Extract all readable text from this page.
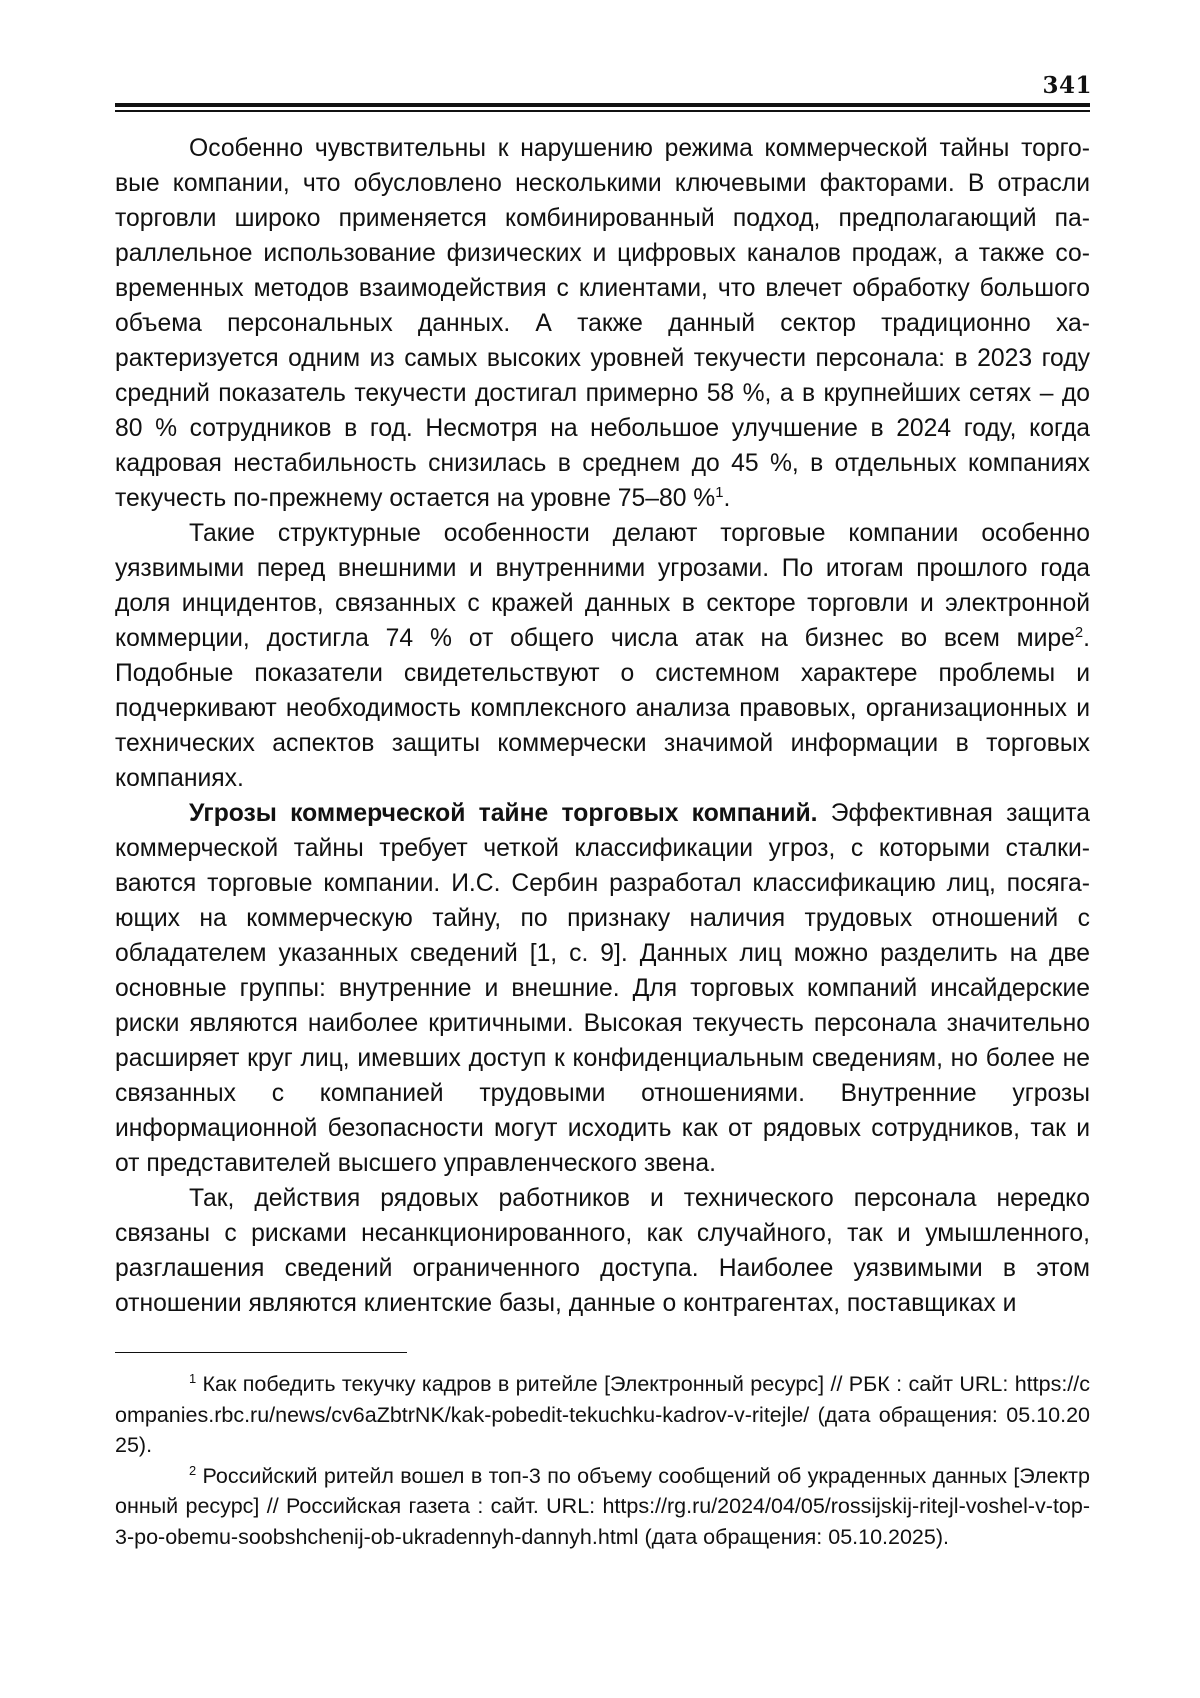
341

Особенно чувствительны к нарушению режима коммерческой тайны торговые компании, что обусловлено несколькими ключевыми факторами. В отрасли торговли широко применяется комбинированный подход, предполагающий параллельное использование физических и цифровых каналов продаж, а также современных методов взаимодействия с клиентами, что влечет обработку большого объема персональных данных. А также данный сектор традиционно характеризуется одним из самых высоких уровней текучести персонала: в 2023 году средний показатель текучести достигал примерно 58 %, а в крупнейших сетях – до 80 % сотрудников в год. Несмотря на небольшое улучшение в 2024 году, когда кадровая нестабильность снизилась в среднем до 45 %, в отдельных компаниях текучесть по-прежнему остается на уровне 75–80 %$^1$.

Такие структурные особенности делают торговые компании особенно уязвимыми перед внешними и внутренними угрозами. По итогам прошлого года доля инцидентов, связанных с кражей данных в секторе торговли и электронной коммерции, достигла 74 % от общего числа атак на бизнес во всем мире$^2$. Подобные показатели свидетельствуют о системном характере проблемы и подчеркивают необходимость комплексного анализа правовых, организационных и технических аспектов защиты коммерчески значимой информации в торговых компаниях.

Угрозы коммерческой тайне торговых компаний. Эффективная защита коммерческой тайны требует четкой классификации угроз, с которыми сталкиваются торговые компании. И.С. Сербин разработал классификацию лиц, посягающих на коммерческую тайну, по признаку наличия трудовых отношений с обладателем указанных сведений [1, с. 9]. Данных лиц можно разделить на две основные группы: внутренние и внешние. Для торговых компаний инсайдерские риски являются наиболее критичными. Высокая текучесть персонала значительно расширяет круг лиц, имевших доступ к конфиденциальным сведениям, но более не связанных с компанией трудовыми отношениями. Внутренние угрозы информационной безопасности могут исходить как от рядовых сотрудников, так и от представителей высшего управленческого звена.

Так, действия рядовых работников и технического персонала нередко связаны с рисками несанкционированного, как случайного, так и умышленного, разглашения сведений ограниченного доступа. Наиболее уязвимыми в этом отношении являются клиентские базы, данные о контрагентах, поставщиках и

$^1$ Как победить текучку кадров в ритейле [Электронный ресурс] // РБК : сайт URL: https://companies.rbc.ru/news/cv6aZbtrNK/kak-pobedit-tekuchku-kadrov-v-ritejle/ (дата обращения: 05.10.2025).

$^2$ Российский ритейл вошел в топ-3 по объему сообщений об украденных данных [Электронный ресурс] // Российская газета : сайт. URL: https://rg.ru/2024/04/05/rossijskij-ritejl-voshel-v-top-3-po-obemu-soobshchenij-ob-ukradennyh-dannyh.html (дата обращения: 05.10.2025).
